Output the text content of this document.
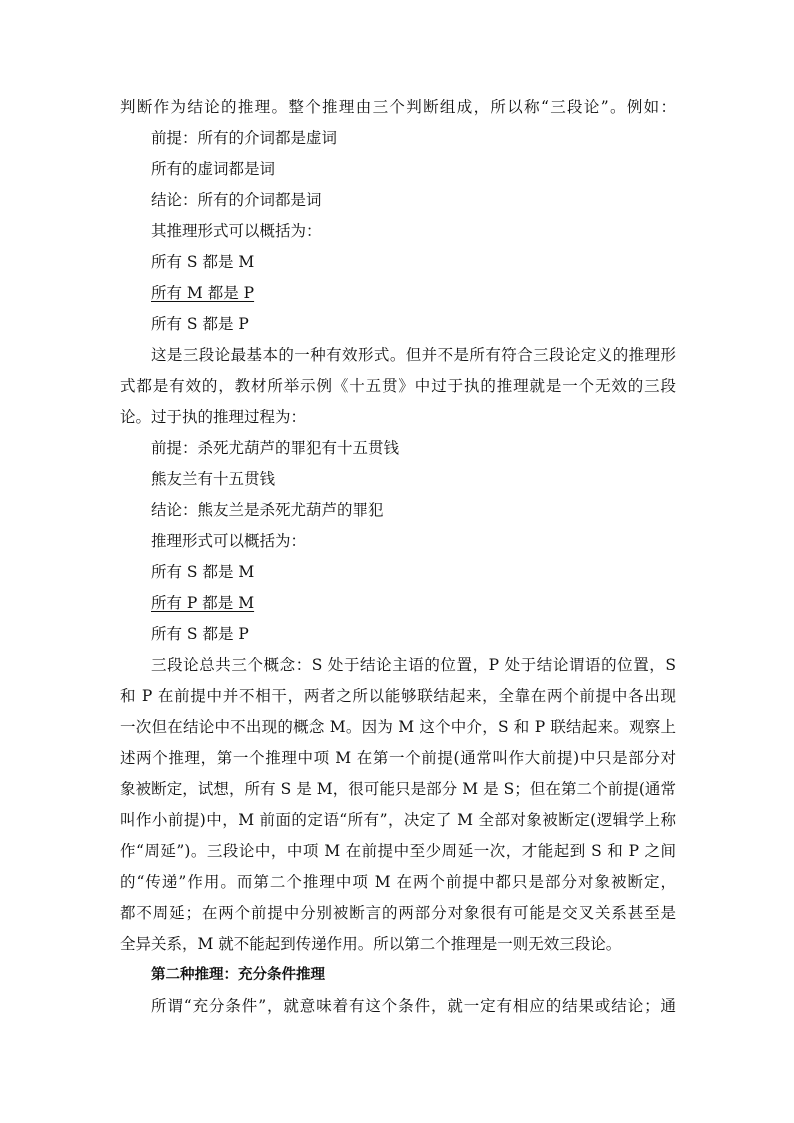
判断作为结论的推理。整个推理由三个判断组成，所以称“三段论”。例如：
前提：所有的介词都是虚词
所有的虚词都是词
结论：所有的介词都是词
其推理形式可以概括为：
所有 S 都是 M
所有 M 都是 P
所有 S 都是 P
这是三段论最基本的一种有效形式。但并不是所有符合三段论定义的推理形
式都是有效的，教材所举示例《十五贯》中过于执的推理就是一个无效的三段
论。过于执的推理过程为：
前提：杀死尤葫芦的罪犯有十五贯钱
熊友兰有十五贯钱
结论：熊友兰是杀死尤葫芦的罪犯
推理形式可以概括为：
所有 S 都是 M
所有 P 都是 M
所有 S 都是 P
三段论总共三个概念：S 处于结论主语的位置，P 处于结论谓语的位置，S
和 P 在前提中并不相干，两者之所以能够联结起来，全靠在两个前提中各出现
一次但在结论中不出现的概念 M。因为 M 这个中介，S 和 P 联结起来。观察上
述两个推理，第一个推理中项 M 在第一个前提(通常叫作大前提)中只是部分对
象被断定，试想，所有 S 是 M，很可能只是部分 M 是 S；但在第二个前提(通常
叫作小前提)中，M 前面的定语“所有”，决定了 M 全部对象被断定(逻辑学上称
作“周延”)。三段论中，中项 M 在前提中至少周延一次，才能起到 S 和 P 之间
的“传递”作用。而第二个推理中项 M 在两个前提中都只是部分对象被断定，
都不周延；在两个前提中分别被断言的两部分对象很有可能是交叉关系甚至是
全异关系，M 就不能起到传递作用。所以第二个推理是一则无效三段论。
第二种推理：充分条件推理
所谓“充分条件”，就意味着有这个条件，就一定有相应的结果或结论；通
